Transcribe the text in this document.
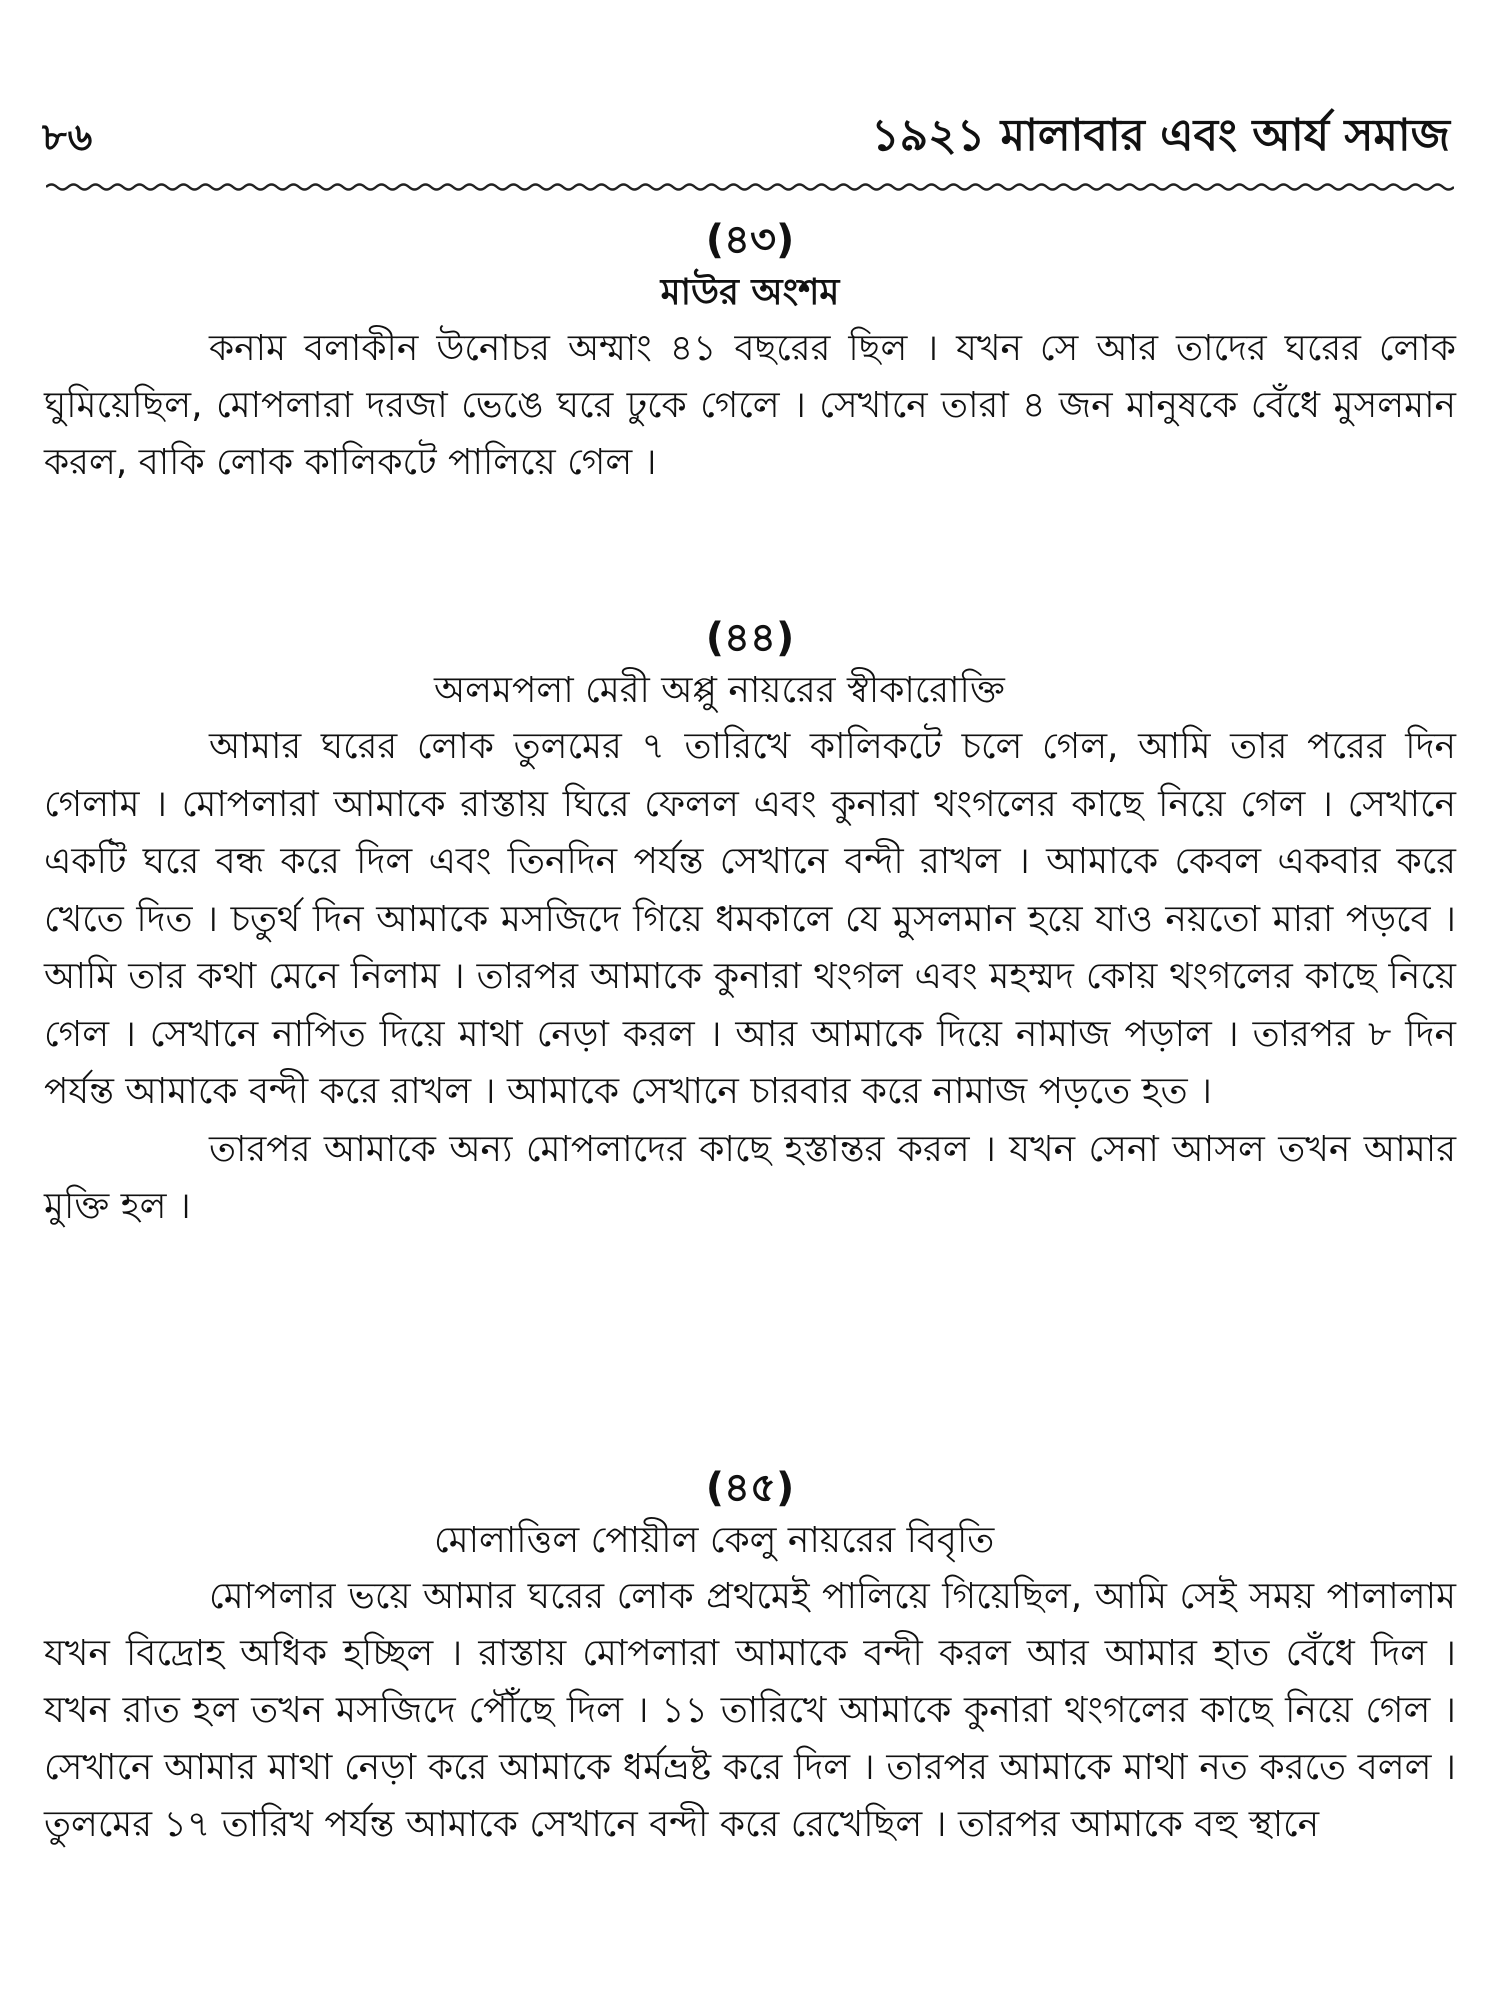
৮৬	১৯২১ মালাবার এবং আর্য সমাজ
(৪৩)
মাউর অংশম

কনাম বলাকীন উনোচর অম্মাং ৪১ বছরের ছিল । যখন সে আর তাদের ঘরের লোক ঘুমিয়েছিল, মোপলারা দরজা ভেঙে ঘরে ঢুকে গেলে । সেখানে তারা ৪ জন মানুষকে বেঁধে মুসলমান করল, বাকি লোক কালিকটে পালিয়ে গেল ।

(৪৪)
অলমপলা মেরী অপ্পু নায়রের স্বীকারোক্তি

আমার ঘরের লোক তুলমের ৭ তারিখে কালিকটে চলে গেল, আমি তার পরের দিন গেলাম । মোপলারা আমাকে রাস্তায় ঘিরে ফেলল এবং কুনারা থংগলের কাছে নিয়ে গেল । সেখানে একটি ঘরে বন্ধ করে দিল এবং তিনদিন পর্যন্ত সেখানে বন্দী রাখল । আমাকে কেবল একবার করে খেতে দিত । চতুর্থ দিন আমাকে মসজিদে গিয়ে ধমকালে যে মুসলমান হয়ে যাও নয়তো মারা পড়বে । আমি তার কথা মেনে নিলাম । তারপর আমাকে কুনারা থংগল এবং মহম্মদ কোয় থংগলের কাছে নিয়ে গেল । সেখানে নাপিত দিয়ে মাথা নেড়া করল । আর আমাকে দিয়ে নামাজ পড়াল । তারপর ৮ দিন পর্যন্ত আমাকে বন্দী করে রাখল । আমাকে সেখানে চারবার করে নামাজ পড়তে হত ।

তারপর আমাকে অন্য মোপলাদের কাছে হস্তান্তর করল । যখন সেনা আসল তখন আমার মুক্তি হল ।

(৪৫)
মোলাত্তিল পোয়ীল কেলু নায়রের বিবৃতি

মোপলার ভয়ে আমার ঘরের লোক প্রথমেই পালিয়ে গিয়েছিল, আমি সেই সময় পালালাম যখন বিদ্রোহ অধিক হচ্ছিল । রাস্তায় মোপলারা আমাকে বন্দী করল আর আমার হাত বেঁধে দিল । যখন রাত হল তখন মসজিদে পৌঁছে দিল । ১১ তারিখে আমাকে কুনারা থংগলের কাছে নিয়ে গেল । সেখানে আমার মাথা নেড়া করে আমাকে ধর্মভ্রষ্ট করে দিল । তারপর আমাকে মাথা নত করতে বলল । তুলমের ১৭ তারিখ পর্যন্ত আমাকে সেখানে বন্দী করে রেখেছিল । তারপর আমাকে বহু স্থানে
